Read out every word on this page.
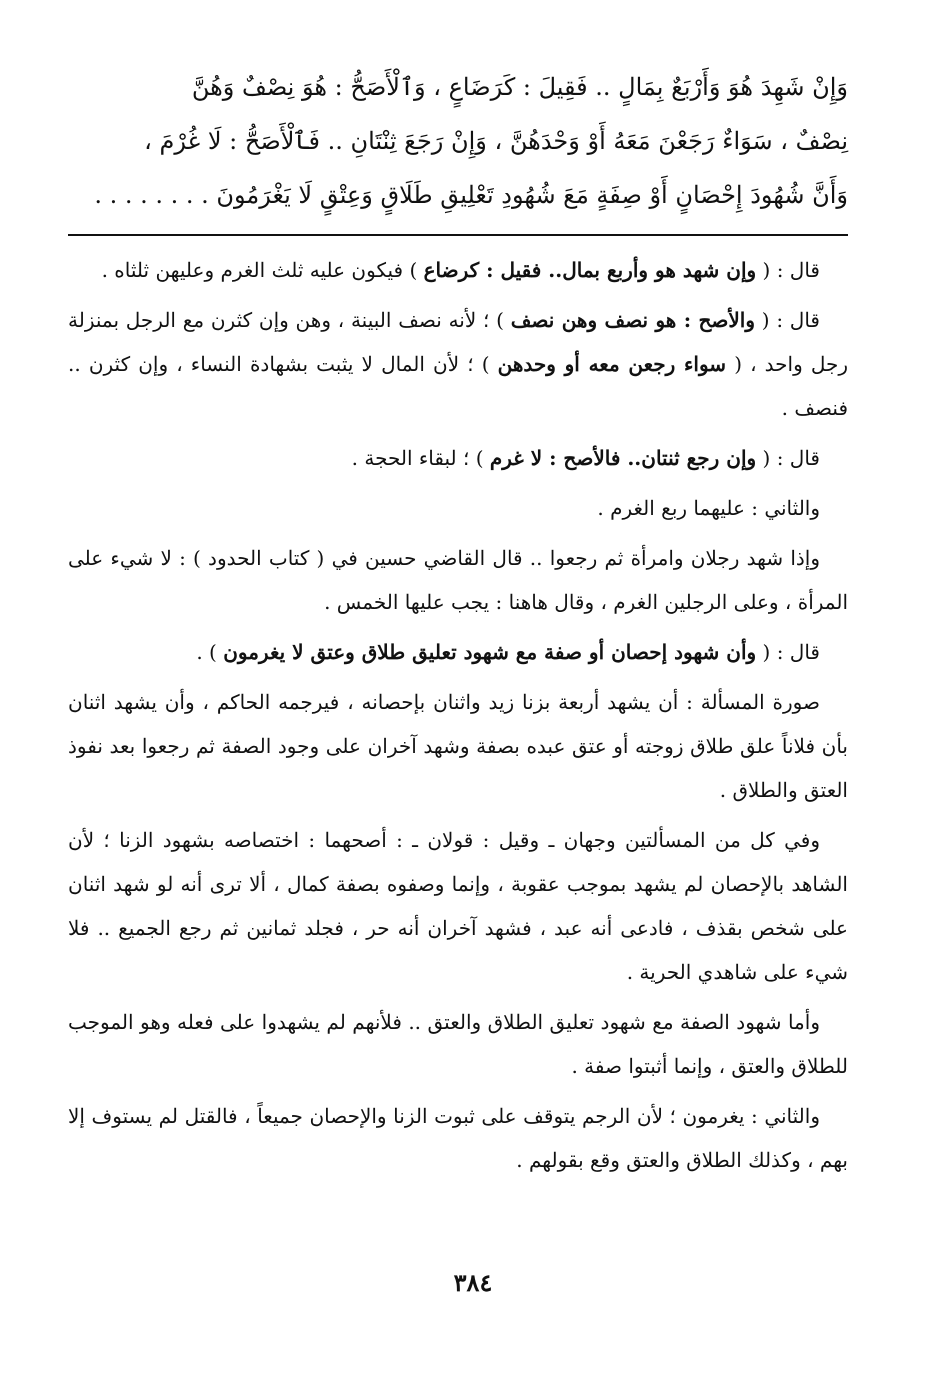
وَإِنْ شَهِدَ هُوَ وَأَرْبَعٌ بِمَالٍ .. فَقِيلَ : كَرَضَاعٍ ، وَٱلْأَصَحُّ : هُوَ نِصْفٌ وَهُنَّ

نِصْفٌ ، سَوَاءٌ رَجَعْنَ مَعَهُ أَوْ وَحْدَهُنَّ ، وَإِنْ رَجَعَ ثِنْتَانِ .. فَٱلْأَصَحُّ : لَا غُرْمَ ،

وَأَنَّ شُهُودَ إِحْصَانٍ أَوْ صِفَةٍ مَعَ شُهُودِ تَعْلِيقِ طَلَاقٍ وَعِتْقٍ لَا يَغْرَمُونَ . . . . . . . .

قال : ( وإن شهد هو وأربع بمال.. فقيل : كرضاع ) فيكون عليه ثلث الغرم وعليهن ثلثاه .

قال : ( والأصح : هو نصف وهن نصف ) ؛ لأنه نصف البينة ، وهن وإن كثرن مع الرجل بمنزلة رجل واحد ، ( سواء رجعن معه أو وحدهن ) ؛ لأن المال لا يثبت بشهادة النساء ، وإن كثرن .. فنصف .

قال : ( وإن رجع ثنتان.. فالأصح : لا غرم ) ؛ لبقاء الحجة .

والثاني : عليهما ربع الغرم .

وإذا شهد رجلان وامرأة ثم رجعوا .. قال القاضي حسين في ( كتاب الحدود ) : لا شيء على المرأة ، وعلى الرجلين الغرم ، وقال هاهنا : يجب عليها الخمس .

قال : ( وأن شهود إحصان أو صفة مع شهود تعليق طلاق وعتق لا يغرمون ) .

صورة المسألة : أن يشهد أربعة بزنا زيد واثنان بإحصانه ، فيرجمه الحاكم ، وأن يشهد اثنان بأن فلاناً علق طلاق زوجته أو عتق عبده بصفة وشهد آخران على وجود الصفة ثم رجعوا بعد نفوذ العتق والطلاق .

وفي كل من المسألتين وجهان ـ وقيل : قولان ـ : أصحهما : اختصاصه بشهود الزنا ؛ لأن الشاهد بالإحصان لم يشهد بموجب عقوبة ، وإنما وصفوه بصفة كمال ، ألا ترى أنه لو شهد اثنان على شخص بقذف ، فادعى أنه عبد ، فشهد آخران أنه حر ، فجلد ثمانين ثم رجع الجميع .. فلا شيء على شاهدي الحرية .

وأما شهود الصفة مع شهود تعليق الطلاق والعتق .. فلأنهم لم يشهدوا على فعله وهو الموجب للطلاق والعتق ، وإنما أثبتوا صفة .

والثاني : يغرمون ؛ لأن الرجم يتوقف على ثبوت الزنا والإحصان جميعاً ، فالقتل لم يستوف إلا بهم ، وكذلك الطلاق والعتق وقع بقولهم .

٣٨٤
